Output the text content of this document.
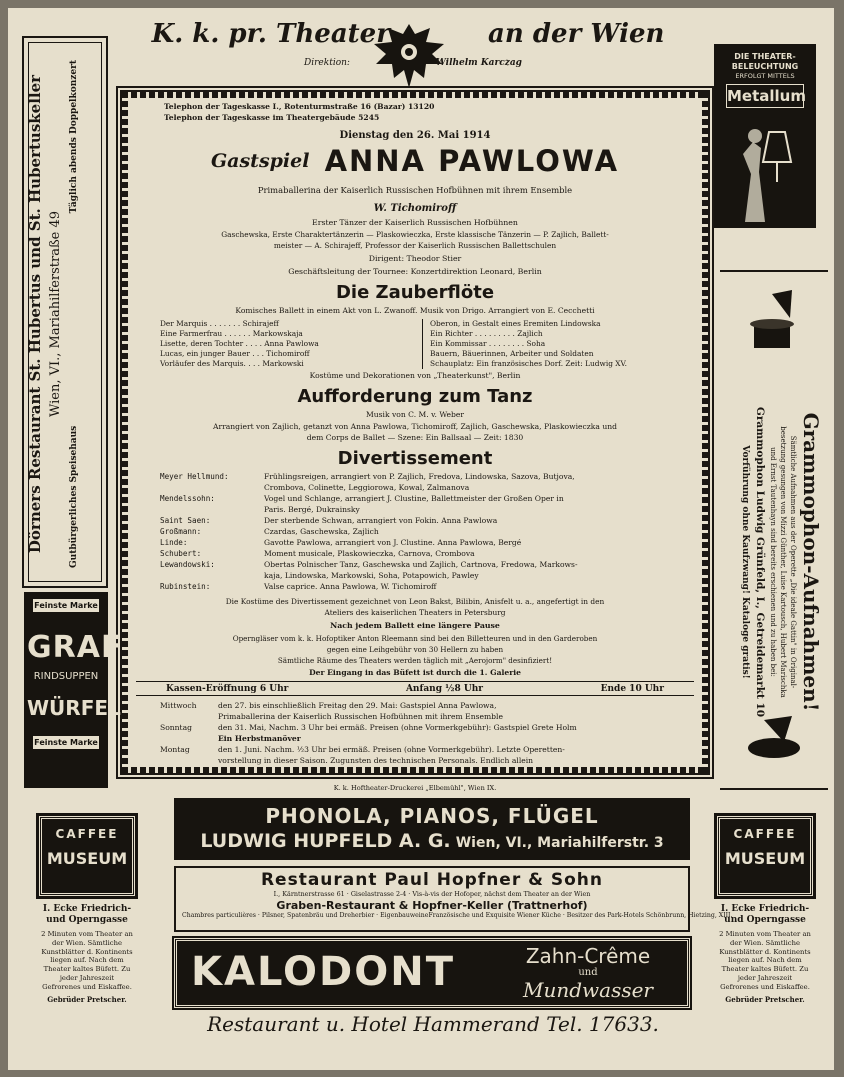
K. k. pr. Theater	an der Wien
Direktion:	Wilhelm Karczag
Telephon der Tageskasse I., Rotenturmstraße 16 (Bazar) 13120
Telephon der Tageskasse im Theatergebäude 5245
Dienstag den 26. Mai 1914
Gastspiel ANNA PAWLOWA
Primaballerina der Kaiserlich Russischen Hofbühnen mit ihrem Ensemble
W. Tichomiroff
Erster Tänzer der Kaiserlich Russischen Hofbühnen
Gaschewska, Erste Charaktertänzerin — Plaskowieczka, Erste klassische Tänzerin — P. Zajlich, Ballett-
meister — A. Schirajeff, Professor der Kaiserlich Russischen Ballettschulen
Dirigent: Theodor Stier
Geschäftsleitung der Tournee: Konzertdirektion Leonard, Berlin
Die Zauberflöte
Komisches Ballett in einem Akt von L. Zwanoff. Musik von Drigo. Arrangiert von E. Cecchetti
Der Marquis . . . . . . . Schirajeff
Eine Farmerfrau . . . . . . Markowskaja
Lisette, deren Tochter . . . . Anna Pawlowa
Lucas, ein junger Bauer . . . Tichomiroff
Vorläufer des Marquis. . . . Markowski
Oberon, in Gestalt eines Eremiten Lindowska
Ein Richter . . . . . . . . . Zajlich
Ein Kommissar . . . . . . . . Soha
Bauern, Bäuerinnen, Arbeiter und Soldaten
Schauplatz: Ein französisches Dorf. Zeit: Ludwig XV.
Kostüme und Dekorationen von „Theaterkunst", Berlin
Aufforderung zum Tanz
Musik von C. M. v. Weber
Arrangiert von Zajlich, getanzt von Anna Pawlowa, Tichomiroff, Zajlich, Gaschewska, Plaskowieczka und
dem Corps de Ballet — Szene: Ein Ballsaal — Zeit: 1830
Divertissement
Meyer Hellmund:	Frühlingsreigen, arrangiert von P. Zajlich, Fredova, Lindowska, Sazova, Butjova,
Crombova, Colinette, Leggiorowa, Kowal, Zalmanova
Mendelssohn:	Vogel und Schlange, arrangiert J. Clustine, Ballettmeister der Großen Oper in
Paris. Bergé, Dukrainsky
Saint Saen:	Der sterbende Schwan, arrangiert von Fokin. Anna Pawlowa
Großmann:	Czardas, Gaschewska, Zajlich
Linde:	Gavotte Pawlowa, arrangiert von J. Clustine. Anna Pawlowa, Bergé
Schubert:	Moment musicale, Plaskowieczka, Carnova, Crombova
Lewandowski:	Obertas Polnischer Tanz, Gaschewska und Zajlich, Cartnova, Fredowa, Markows-
kaja, Lindowska, Markowski, Soha, Potapowich, Pawley
Rubinstein:	Valse caprice. Anna Pawlowa, W. Tichomiroff
Die Kostüme des Divertissement gezeichnet von Leon Bakst, Bilibin, Anisfelt u. a., angefertigt in den
Ateliers des kaiserlichen Theaters in Petersburg
Nach jedem Ballett eine längere Pause
Operngläser vom k. k. Hofoptiker Anton Rleemann sind bei den Billetteuren und in den Garderoben
gegen eine Leihgebühr von 30 Hellern zu haben
Sämtliche Räume des Theaters werden täglich mit „Aerojorm" desinfiziert!
Der Eingang in das Büfett ist durch die 1. Galerie
Kassen-Eröffnung 6 Uhr	Anfang ½8 Uhr	Ende 10 Uhr
Mittwoch	den 27. bis einschließlich Freitag den 29. Mai: Gastspiel Anna Pawlowa,
Primaballerina der Kaiserlich Russischen Hofbühnen mit ihrem Ensemble
Sonntag	den 31. Mai, Nachm. 3 Uhr bei ermäß. Preisen (ohne Vormerkgebühr): Gastspiel Grete Holm
Ein Herbstmanöver
Montag	den 1. Juni. Nachm. ½3 Uhr bei ermäß. Preisen (ohne Vormerkgebühr). Letzte Operetten-
vorstellung in dieser Saison. Zugunsten des technischen Personals. Endlich allein
K. k. Hoftheater-Druckerei „Elbemühl", Wien IX.
Dörners Restaurant St. Hubertus und St. Hubertuskeller Wien, VI., Mariahilferstraße 49
Gutbürgerliches Speisehaus
Täglich abends Doppelkonzert
Feinste Marke
GRAF
RINDSUPPEN
WÜRFEL
Feinste Marke
DIE THEATER-BELEUCHTUNG
ERFOLGT MITTELS
Metallum
Grammophon-Aufnahmen!
Sämtliche Aufnahmen aus der Operette „Die ideale Gattin" in Original-
besetzung gesungen von Mizzi Günther, Luise Kartousch, Hubert Marischka
und Ernst Tautenhayn sind bereits erschienen und zu haben bei:
Grammophon Ludwig Grünfeld, I., Getreidemarkt 10
Vorführung ohne Kaufzwang! Kataloge gratis!
CAFFEE
MUSEUM
I. Ecke Friedrich-
und Operngasse
2 Minuten vom Theater an der Wien. Sämtliche Kunstblätter d. Kontinents liegen auf. Nach dem Theater kaltes Büfett. Zu jeder Jahreszeit Gefrorenes und Eiskaffee.
Gebrüder Pretscher.
CAFFEE
MUSEUM
I. Ecke Friedrich-
und Operngasse
2 Minuten vom Theater an der Wien. Sämtliche Kunstblätter d. Kontinents liegen auf. Nach dem Theater kaltes Büfett. Zu jeder Jahreszeit Gefrorenes und Eiskaffee.
Gebrüder Pretscher.
PHONOLA, PIANOS, FLÜGEL
LUDWIG HUPFELD A. G. Wien, VI., Mariahilferstr. 3
Restaurant Paul Hopfner & Sohn
I., Kärntnerstrasse 61 · Giselastrasse 2-4 · Vis-à-vis der Hofoper, nächst dem Theater an der Wien
Graben-Restaurant & Hopfner-Keller (Trattnerhof)
Chambres particulières · Pilsner, Spatenbräu und Dreherbier · Eigenbauweine Französische und Exquisite Wiener Küche · Besitzer des Park-Hotels Schönbrunn, Hietzing, XIII.
KALODONT	Zahn-Crême
und
Mundwasser
Restaurant u. Hotel Hammerand Tel. 17633.
